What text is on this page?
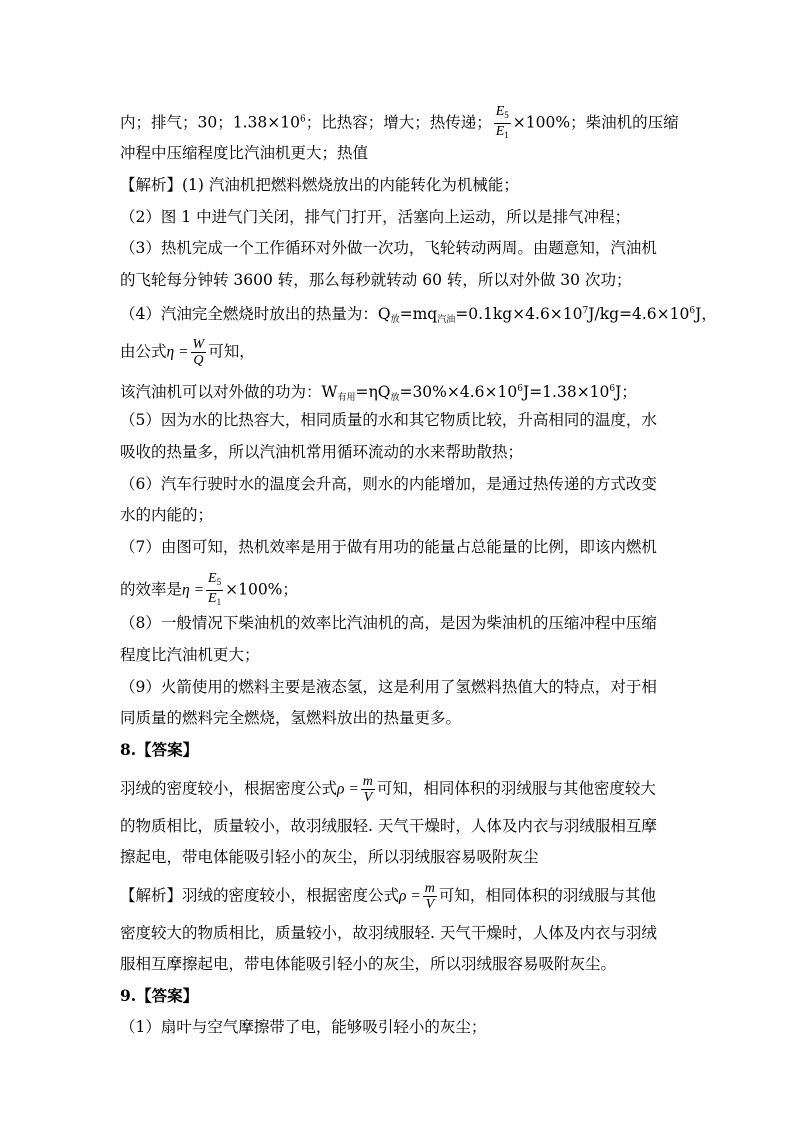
内；排气；30；$1.38\times 10^6$；比热容；增大；热传递； $\frac{E_5}{E_1} \times 100\%$；柴油机的压缩
冲程中压缩程度比汽油机更大；热值
【解析】(1) 汽油机把燃料燃烧放出的内能转化为机械能；
（2）图 1 中进气门关闭，排气门打开，活塞向上运动，所以是排气冲程；
（3）热机完成一个工作循环对外做一次功，飞轮转动两周。由题意知，汽油机
的飞轮每分钟转 3600 转，那么每秒就转动 60 转，所以对外做 30 次功；
（4）汽油完全燃烧时放出的热量为：$Q_放=mq_{汽油}=0.1kg\times 4.6\times 10^7J/kg=4.6\times 10^6J$，
由公式$\eta = \frac{W}{Q}$ 可知，
该汽油机可以对外做的功为：$W_{有用}=\eta Q_放=30\%\times 4.6\times 10^6J=1.38\times 10^6J$；
（5）因为水的比热容大，相同质量的水和其它物质比较，升高相同的温度，水
吸收的热量多，所以汽油机常用循环流动的水来帮助散热；
（6）汽车行驶时水的温度会升高，则水的内能增加，是通过热传递的方式改变
水的内能的；
（7）由图可知，热机效率是用于做有用功的能量占总能量的比例，即该内燃机
的效率是$\eta = \frac{E_5}{E_1} \times 100\%$；
（8）一般情况下柴油机的效率比汽油机的高，是因为柴油机的压缩冲程中压缩
程度比汽油机更大；
（9）火箭使用的燃料主要是液态氢，这是利用了氢燃料热值大的特点，对于相
同质量的燃料完全燃烧，氢燃料放出的热量更多。
8.【答案】
羽绒的密度较小，根据密度公式$\rho = \frac{m}{V}$ 可知，相同体积的羽绒服与其他密度较大
的物质相比，质量较小，故羽绒服轻. 天气干燥时，人体及内衣与羽绒服相互摩
擦起电，带电体能吸引轻小的灰尘，所以羽绒服容易吸附灰尘
【解析】羽绒的密度较小，根据密度公式$\rho = \frac{m}{V}$ 可知，相同体积的羽绒服与其他
密度较大的物质相比，质量较小，故羽绒服轻. 天气干燥时，人体及内衣与羽绒
服相互摩擦起电，带电体能吸引轻小的灰尘，所以羽绒服容易吸附灰尘。
9.【答案】
（1）扇叶与空气摩擦带了电，能够吸引轻小的灰尘；
